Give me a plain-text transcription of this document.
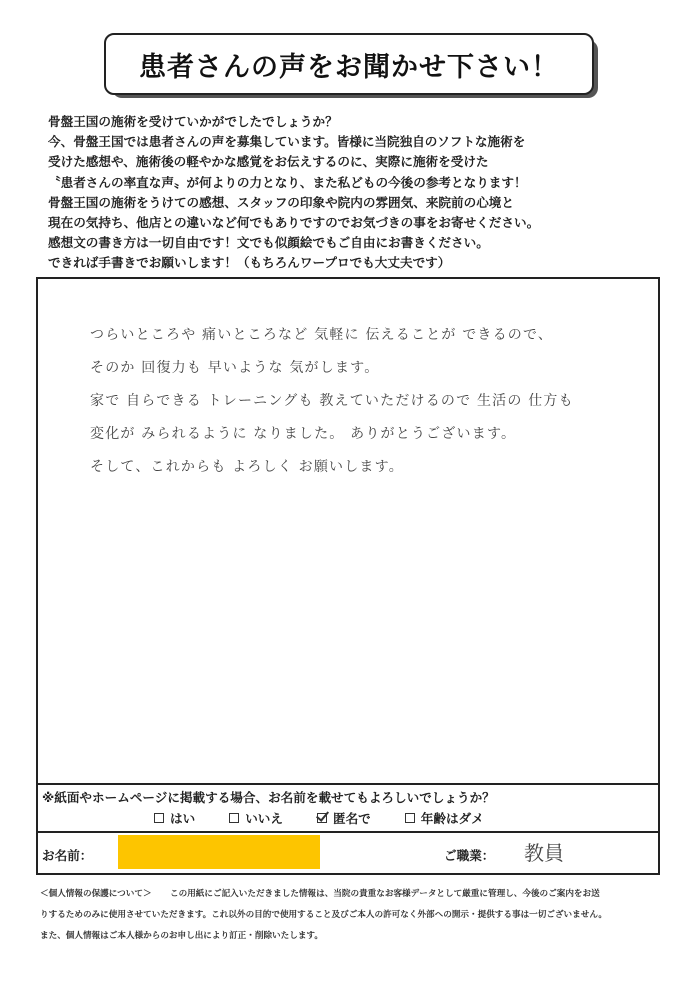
患者さんの声をお聞かせ下さい！
骨盤王国の施術を受けていかがでしたでしょうか？
今、骨盤王国では患者さんの声を募集しています。皆様に当院独自のソフトな施術を
受けた感想や、施術後の軽やかな感覚をお伝えするのに、実際に施術を受けた
〝患者さんの率直な声〟が何よりの力となり、また私どもの今後の参考となります！
骨盤王国の施術をうけての感想、スタッフの印象や院内の雰囲気、来院前の心境と
現在の気持ち、他店との違いなど何でもありですのでお気づきの事をお寄せください。
感想文の書き方は一切自由です！文でも似顔絵でもご自由にお書きください。
できれば手書きでお願いします！（もちろんワープロでも大丈夫です）
つらいところや 痛いところなど 気軽に 伝えることが できるので、
そのか 回復力も 早いような 気がします。
家で 自らできる トレーニングも 教えていただけるので 生活の 仕方も
変化が みられるように なりました。 ありがとうございます。
そして、これからも よろしく お願いします。
※紙面やホームページに掲載する場合、お名前を載せてもよろしいでしょうか？
はい	いいえ	匿名で	年齢はダメ
お名前：	ご職業： 教員
＜個人情報の保護について＞ この用紙にご記入いただきました情報は、当院の貴重なお客様データとして厳重に管理し、今後のご案内をお送
りするためのみに使用させていただきます。これ以外の目的で使用すること及びご本人の許可なく外部への開示・提供する事は一切ございません。
また、個人情報はご本人様からのお申し出により訂正・削除いたします。
